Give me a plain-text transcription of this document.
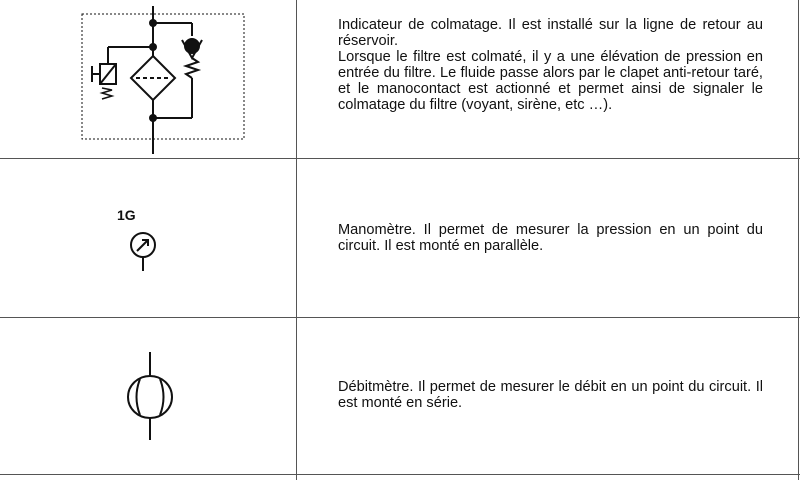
Indicateur de colmatage. Il est installé sur la ligne de retour au réservoir.

Lorsque le filtre est colmaté, il y a une élévation de pression en entrée du filtre. Le fluide passe alors par le clapet anti-retour taré, et le manocontact est actionné et permet ainsi de signaler le colmatage du filtre (voyant, sirène, etc …).

1G

Manomètre. Il permet de mesurer la pression en un point du circuit. Il est monté en parallèle.

Débitmètre. Il permet de mesurer le débit en un point du circuit. Il est monté en série.
